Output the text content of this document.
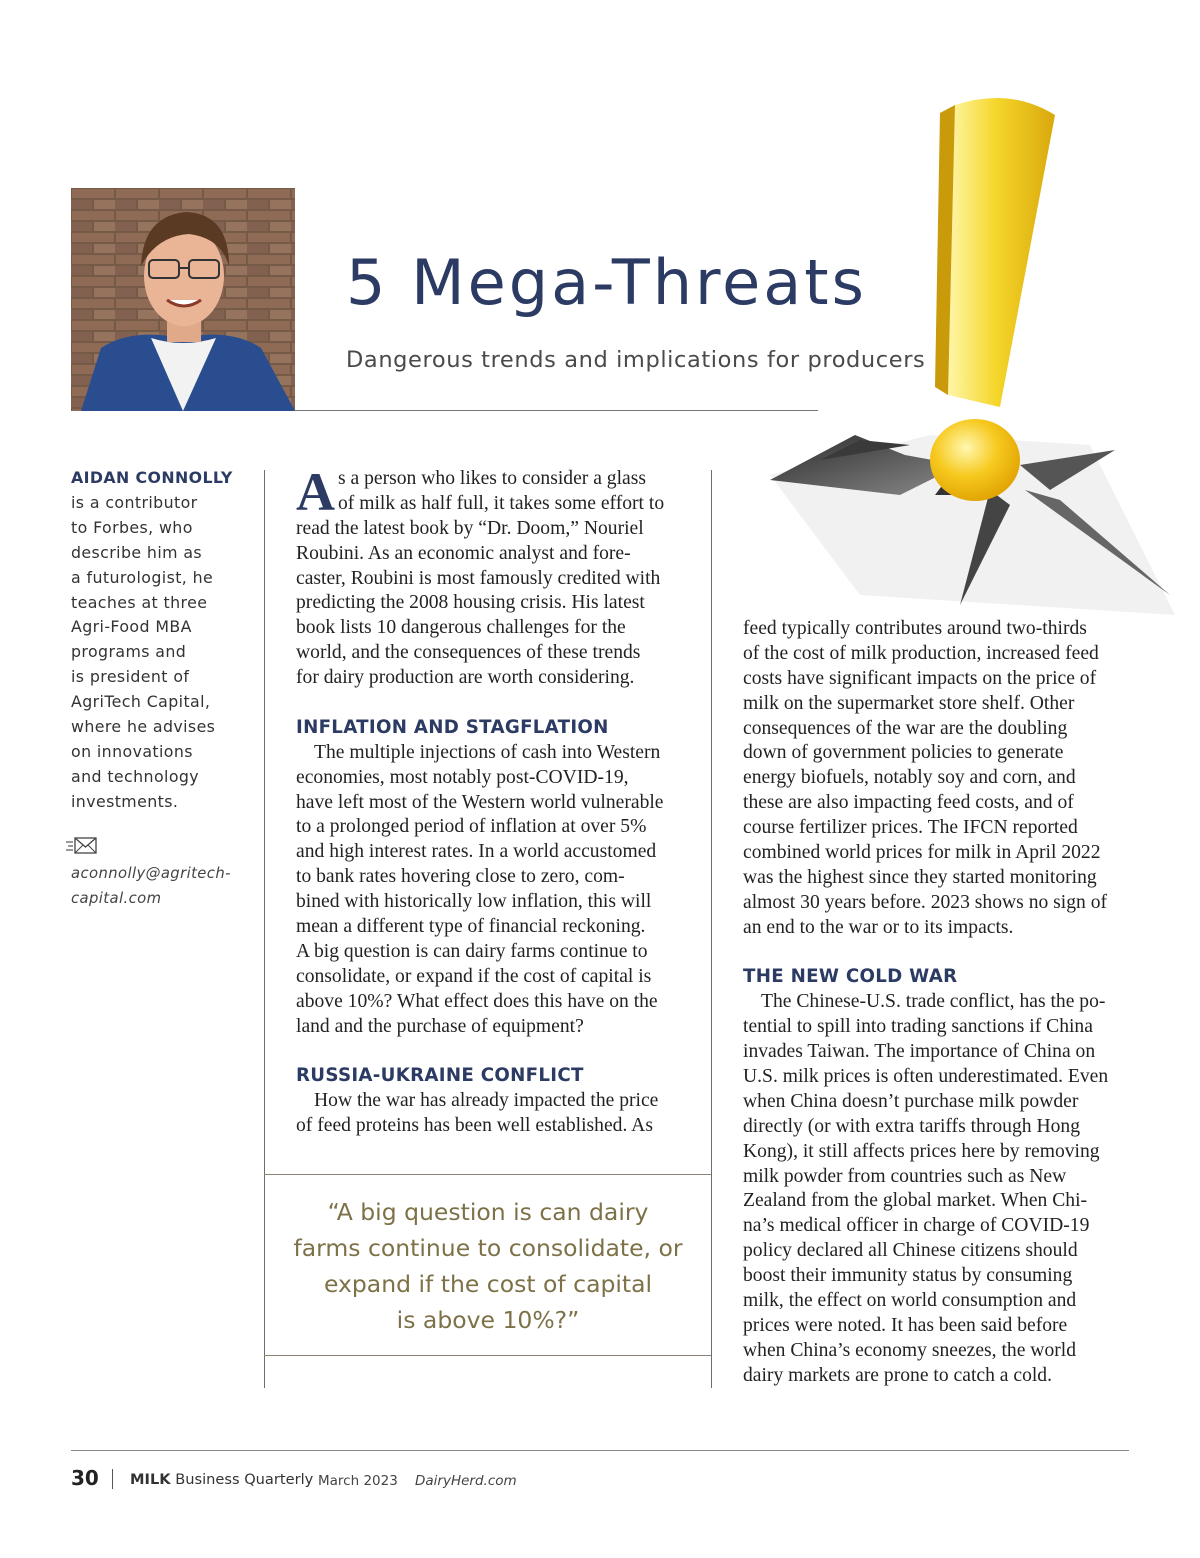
5 Mega-Threats
Dangerous trends and implications for producers
AIDAN CONNOLLY
is a contributor
to Forbes, who
describe him as
a futurologist, he
teaches at three
Agri-Food MBA
programs and
is president of
AgriTech Capital,
where he advises
on innovations
and technology
investments.
aconnolly@agritech-
capital.com
A s a person who likes to consider a glass
of milk as half full, it takes some effort to
read the latest book by “Dr. Doom,” Nouriel
Roubini. As an economic analyst and fore-
caster, Roubini is most famously credited with
predicting the 2008 housing crisis. His latest
book lists 10 dangerous challenges for the
world, and the consequences of these trends
for dairy production are worth considering.
INFLATION AND STAGFLATION
The multiple injections of cash into Western
economies, most notably post-COVID-19,
have left most of the Western world vulnerable
to a prolonged period of inflation at over 5%
and high interest rates. In a world accustomed
to bank rates hovering close to zero, com-
bined with historically low inflation, this will
mean a different type of financial reckoning.
A big question is can dairy farms continue to
consolidate, or expand if the cost of capital is
above 10%? What effect does this have on the
land and the purchase of equipment?
RUSSIA-UKRAINE CONFLICT
How the war has already impacted the price
of feed proteins has been well established. As
“A big question is can dairy
farms continue to consolidate, or
expand if the cost of capital
is above 10%?”
feed typically contributes around two-thirds
of the cost of milk production, increased feed
costs have significant impacts on the price of
milk on the supermarket store shelf. Other
consequences of the war are the doubling
down of government policies to generate
energy biofuels, notably soy and corn, and
these are also impacting feed costs, and of
course fertilizer prices. The IFCN reported
combined world prices for milk in April 2022
was the highest since they started monitoring
almost 30 years before. 2023 shows no sign of
an end to the war or to its impacts.
THE NEW COLD WAR
The Chinese-U.S. trade conflict, has the po-
tential to spill into trading sanctions if China
invades Taiwan. The importance of China on
U.S. milk prices is often underestimated. Even
when China doesn’t purchase milk powder
directly (or with extra tariffs through Hong
Kong), it still affects prices here by removing
milk powder from countries such as New
Zealand from the global market. When Chi-
na’s medical officer in charge of COVID-19
policy declared all Chinese citizens should
boost their immunity status by consuming
milk, the effect on world consumption and
prices were noted. It has been said before
when China’s economy sneezes, the world
dairy markets are prone to catch a cold.
30 MILK Business Quarterly March 2023 DairyHerd.com
